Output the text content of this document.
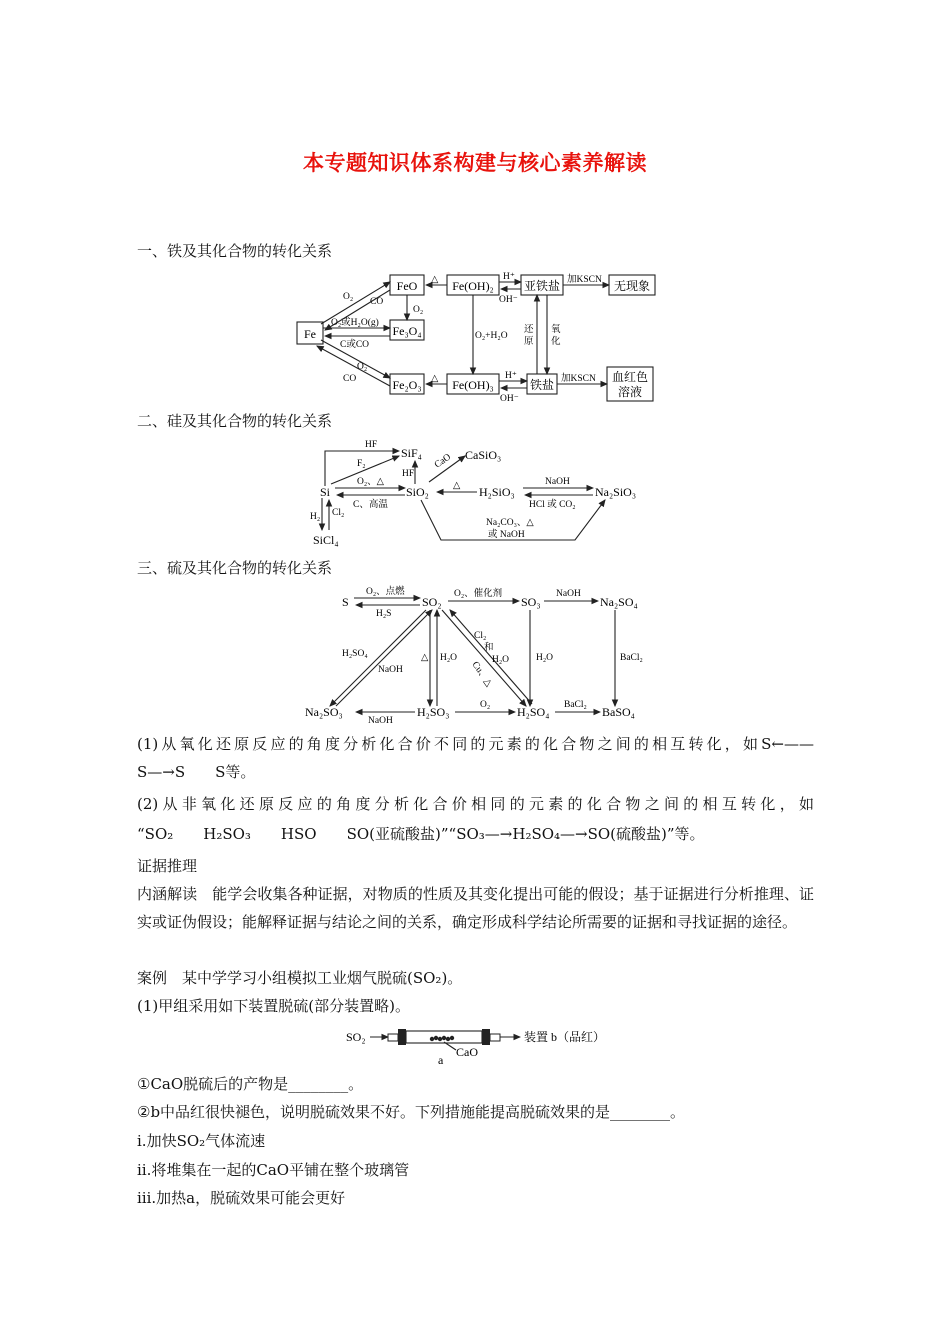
本专题知识体系构建与核心素养解读
一、铁及其化合物的转化关系
Fe
FeO
Fe₃O₄
Fe₂O₃
Fe(OH)₂
Fe(OH)₃
亚铁盐
铁盐
无现象
血红色
溶液
O₂ CO
O₂或H₂O(g)
C或CO
O₂
CO
O₂
△
△
H⁺
OH⁻
H⁺
OH⁻
O₂+H₂O
还
原
氧
化
加KSCN
加KSCN
二、硅及其化合物的转化关系
Si
SiF₄
SiO₂
CaSiO₃
H₂SiO₃	Na₂SiO₃
SiCl₄
HF
F₂
HF
CaO
O₂、△
C、高温
△	NaOH
HCl 或 CO₂
Na₂CO₃、△
或 NaOH
H₂ Cl₂
三、硫及其化合物的转化关系
S	SO₂	SO₃	Na₂SO₄
Na₂SO₃	H₂SO₃	H₂SO₄	BaSO₄
O₂、点燃
H₂S
O₂、催化剂	NaOH
H₂SO₄
NaOH
△ H₂O
Cl₂
和
H₂O
Cu、△
H₂O	BaCl₂
NaOH
O₂	BaCl₂
(1)从氧化还原反应的角度分析化合价不同的元素的化合物之间的相互转化，如S←——
S—→S　　S等。
(2)从非氧化还原反应的角度分析化合价相同的元素的化合物之间的相互转化，如
“SO₂　　H₂SO₃　　HSO　　SO(亚硫酸盐)”“SO₃—→H₂SO₄—→SO(硫酸盐)”等。
证据推理
内涵解读　能学会收集各种证据，对物质的性质及其变化提出可能的假设；基于证据进行分析推理、证实或证伪假设；能解释证据与结论之间的关系，确定形成科学结论所需要的证据和寻找证据的途径。
案例　某中学学习小组模拟工业烟气脱硫(SO₂)。
(1)甲组采用如下装置脱硫(部分装置略)。
SO₂
CaO
a
装置 b（品红）
①CaO脱硫后的产物是________。
②b中品红很快褪色，说明脱硫效果不好。下列措施能提高脱硫效果的是________。
ⅰ.加快SO₂气体流速
ⅱ.将堆集在一起的CaO平铺在整个玻璃管
ⅲ.加热a，脱硫效果可能会更好
